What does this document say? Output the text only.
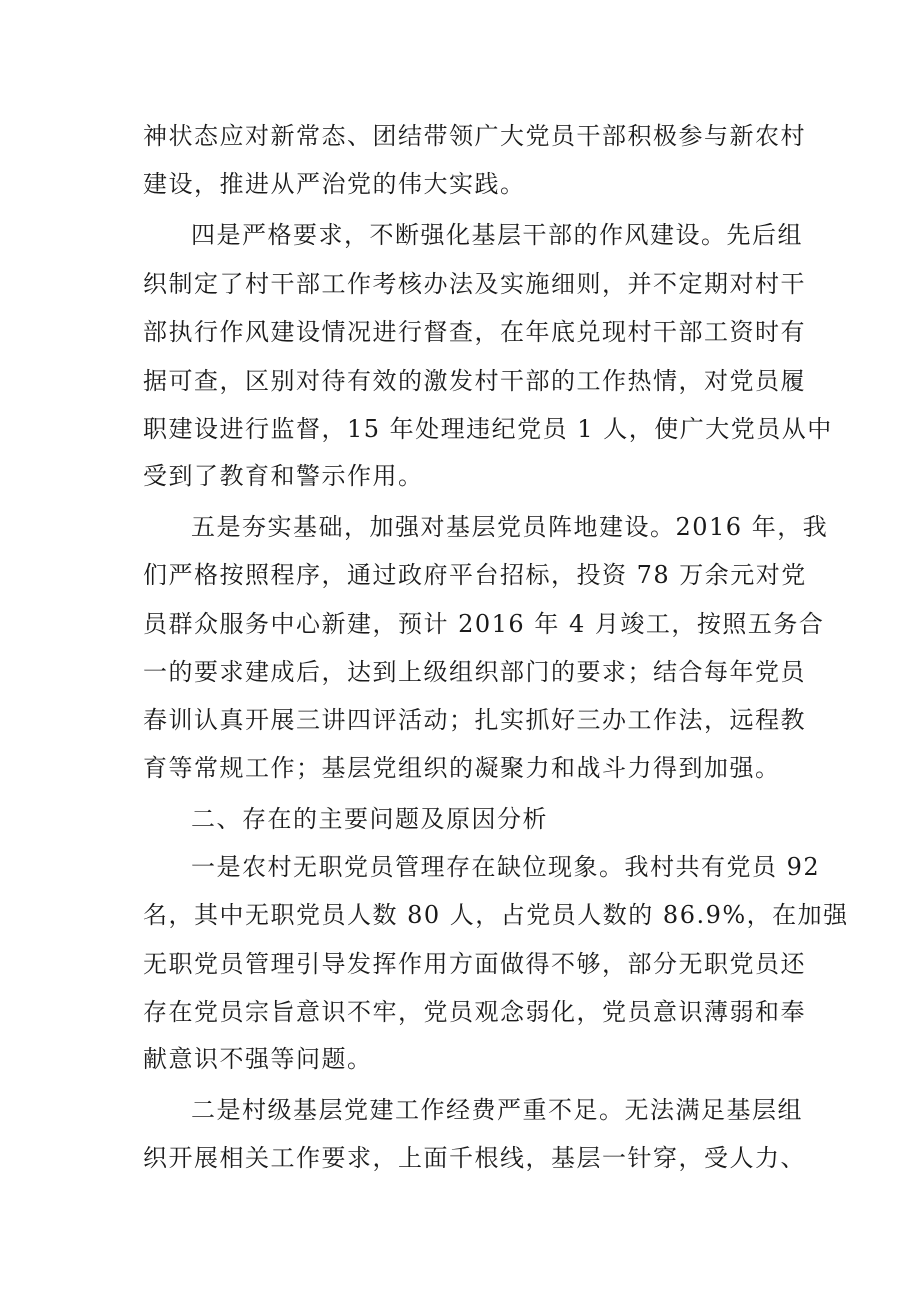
神状态应对新常态、团结带领广大党员干部积极参与新农村
建设，推进从严治党的伟大实践。
四是严格要求，不断强化基层干部的作风建设。先后组
织制定了村干部工作考核办法及实施细则，并不定期对村干
部执行作风建设情况进行督查，在年底兑现村干部工资时有
据可查，区别对待有效的激发村干部的工作热情，对党员履
职建设进行监督，15 年处理违纪党员 1 人，使广大党员从中
受到了教育和警示作用。
五是夯实基础，加强对基层党员阵地建设。2016 年，我
们严格按照程序，通过政府平台招标，投资 78 万余元对党
员群众服务中心新建，预计 2016 年 4 月竣工，按照五务合
一的要求建成后，达到上级组织部门的要求；结合每年党员
春训认真开展三讲四评活动；扎实抓好三办工作法，远程教
育等常规工作；基层党组织的凝聚力和战斗力得到加强。
二、存在的主要问题及原因分析
一是农村无职党员管理存在缺位现象。我村共有党员 92
名，其中无职党员人数 80 人，占党员人数的 86.9%，在加强
无职党员管理引导发挥作用方面做得不够，部分无职党员还
存在党员宗旨意识不牢，党员观念弱化，党员意识薄弱和奉
献意识不强等问题。
二是村级基层党建工作经费严重不足。无法满足基层组
织开展相关工作要求，上面千根线，基层一针穿，受人力、
